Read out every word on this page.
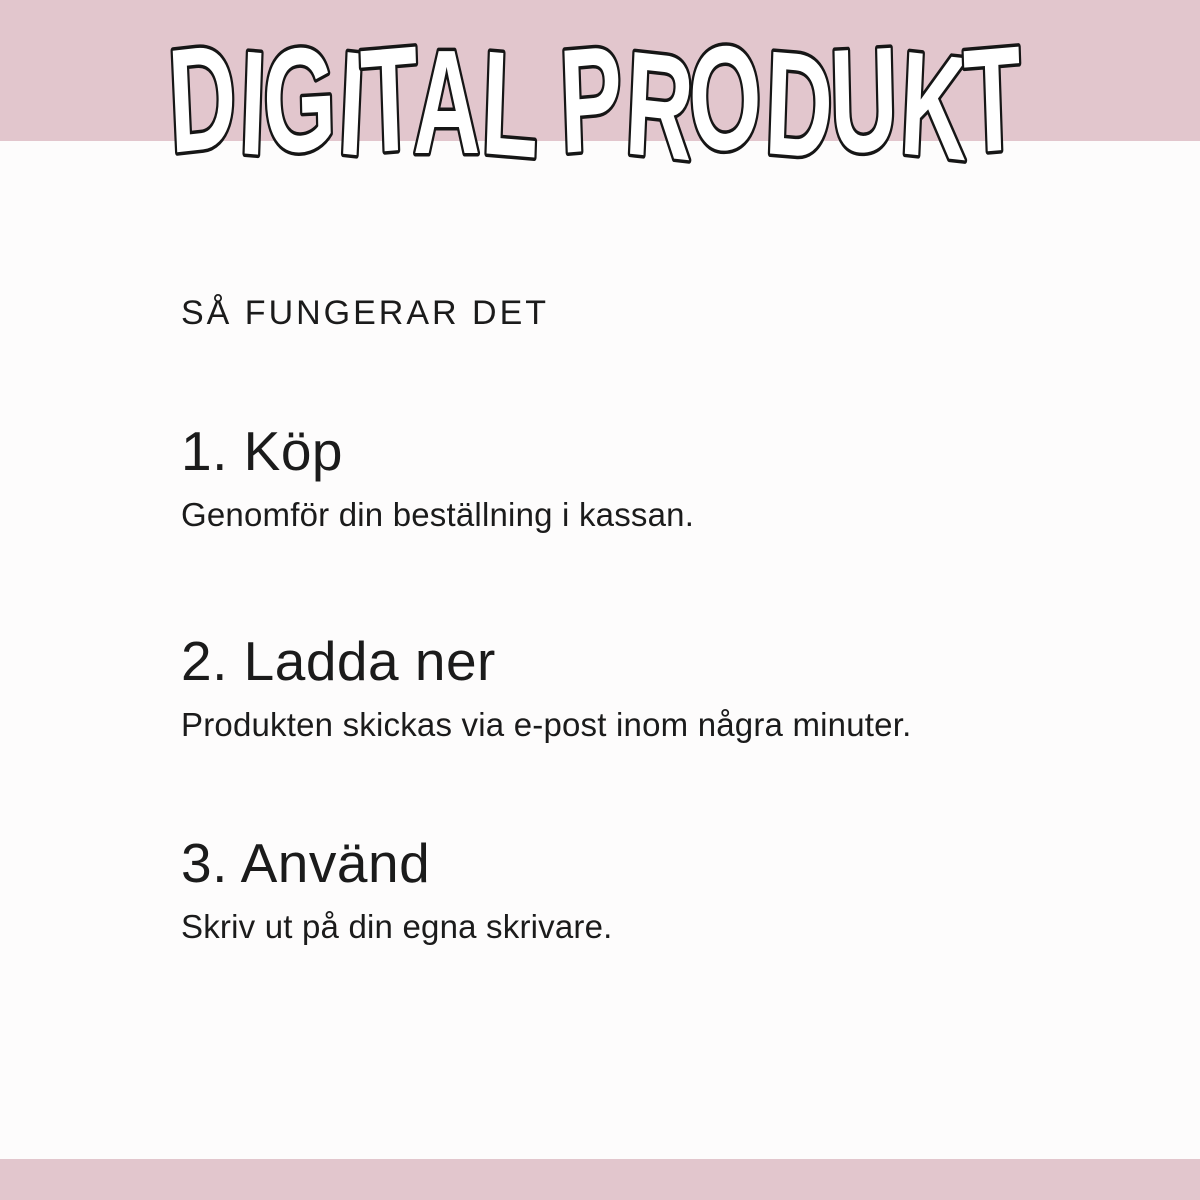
DIGITAL PRODUKT
SÅ FUNGERAR DET
1. Köp

Genomför din beställning i kassan.

2. Ladda ner

Produkten skickas via e-post inom några minuter.

3. Använd

Skriv ut på din egna skrivare.
